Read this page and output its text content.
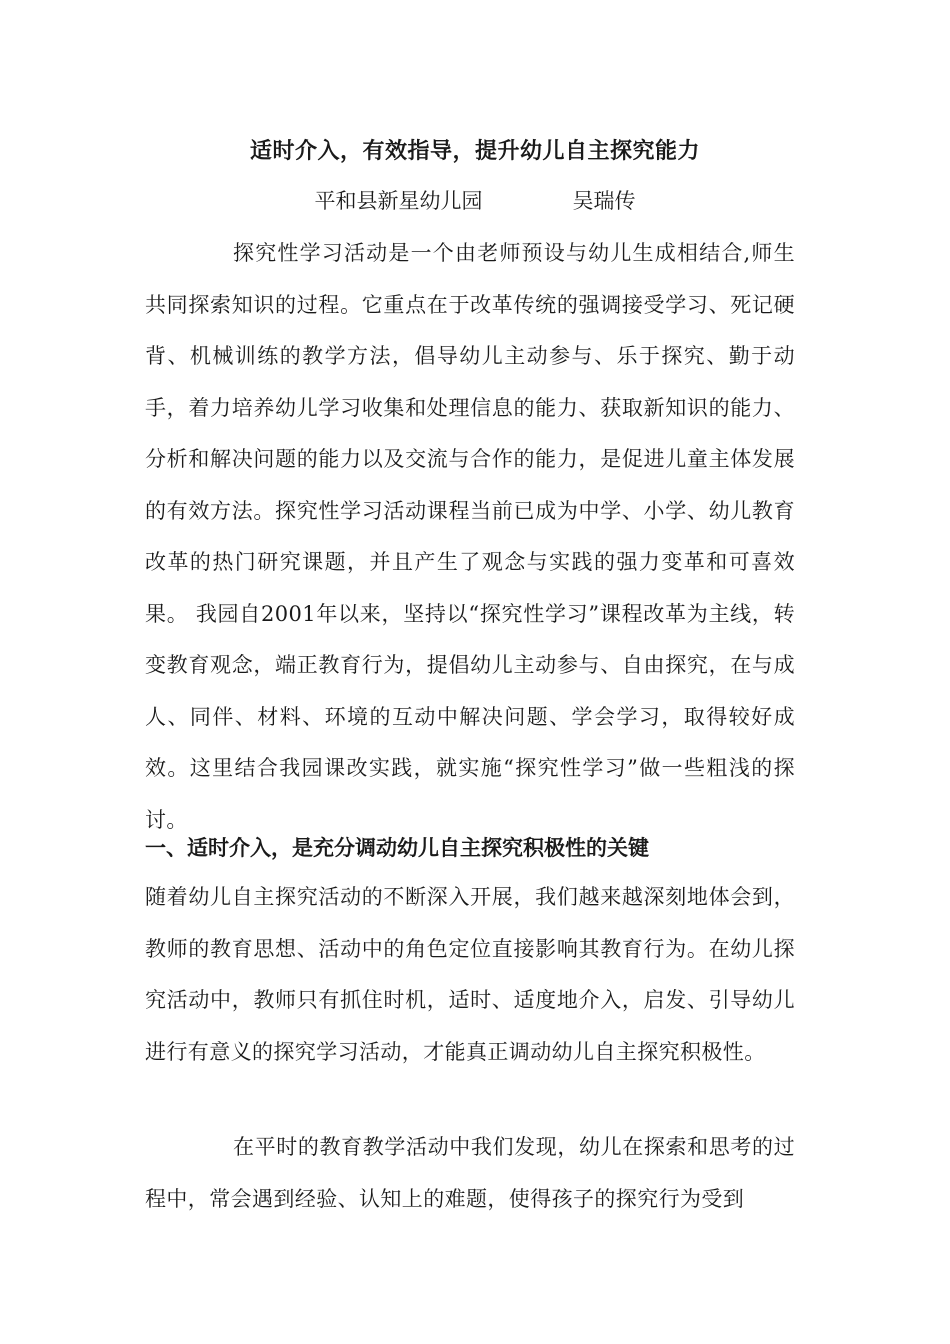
适时介入，有效指导，提升幼儿自主探究能力
平和县新星幼儿园	吴瑞传

探究性学习活动是一个由老师预设与幼儿生成相结合,师生共同探索知识的过程。它重点在于改革传统的强调接受学习、死记硬背、机械训练的教学方法，倡导幼儿主动参与、乐于探究、勤于动手，着力培养幼儿学习收集和处理信息的能力、获取新知识的能力、分析和解决问题的能力以及交流与合作的能力，是促进儿童主体发展的有效方法。探究性学习活动课程当前已成为中学、小学、幼儿教育改革的热门研究课题，并且产生了观念与实践的强力变革和可喜效果。 我园自2001年以来，坚持以“探究性学习”课程改革为主线，转变教育观念，端正教育行为，提倡幼儿主动参与、自由探究，在与成人、同伴、材料、环境的互动中解决问题、学会学习，取得较好成效。这里结合我园课改实践，就实施“探究性学习”做一些粗浅的探讨。

一、适时介入，是充分调动幼儿自主探究积极性的关键

随着幼儿自主探究活动的不断深入开展，我们越来越深刻地体会到，教师的教育思想、活动中的角色定位直接影响其教育行为。在幼儿探究活动中，教师只有抓住时机，适时、适度地介入，启发、引导幼儿进行有意义的探究学习活动，才能真正调动幼儿自主探究积极性。

在平时的教育教学活动中我们发现，幼儿在探索和思考的过程中，常会遇到经验、认知上的难题，使得孩子的探究行为受到
